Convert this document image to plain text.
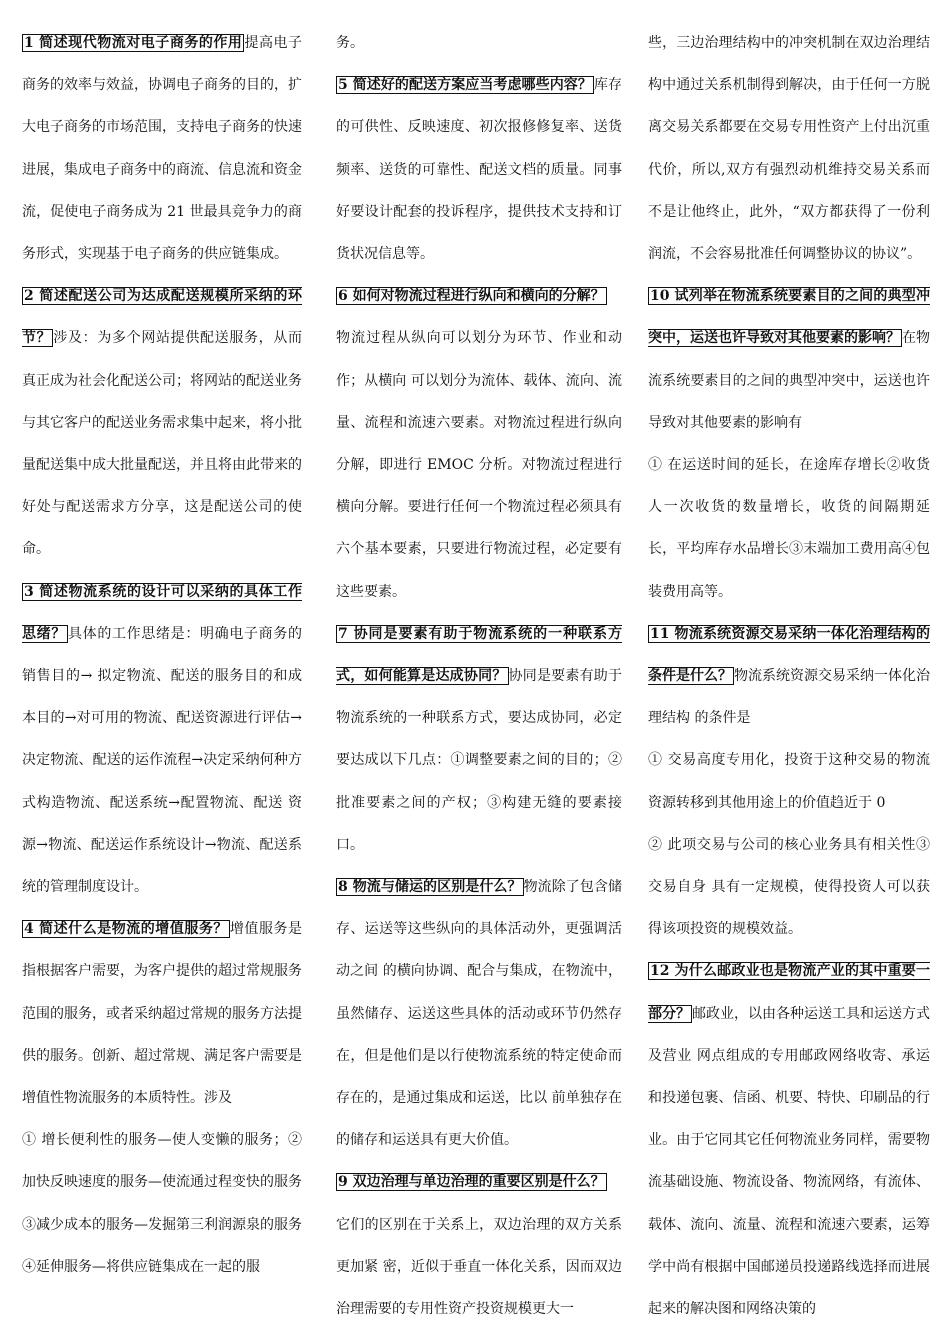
1 简述现代物流对电子商务的作用 提高电子商务的效率与效益，协调电子商务的目的，扩大电子商务的市场范围，支持电子商务的快速进展，集成电子商务中的商流、信息流和资金流，促使电子商务成为 21 世最具竞争力的商务形式，实现基于电子商务的供应链集成。

2 简述配送公司为达成配送规模所采纳的环节？ 涉及：为多个网站提供配送服务，从而真正成为社会化配送公司；将网站的配送业务与其它客户的配送业务需求集中起来，将小批量配送集中成大批量配送，并且将由此带来的好处与配送需求方分享，这是配送公司的使命。

3 简述物流系统的设计可以采纳的具体工作思绪？ 具体的工作思绪是：明确电子商务的销售目的→ 拟定物流、配送的服务目的和成本目的→对可用的物流、配送资源进行评估→决定物流、配送的运作流程→决定采纳何种方式构造物流、配送系统→配置物流、配送 资源→物流、配送运作系统设计→物流、配送系统的管理制度设计。

4 简述什么是物流的增值服务？ 增值服务是指根据客户需要，为客户提供的超过常规服务范围的服务，或者采纳超过常规的服务方法提供的服务。创新、超过常规、满足客户需要是增值性物流服务的本质特性。涉及

① 增长便利性的服务—使人变懒的服务；② 加快反映速度的服务—使流通过程变快的服务③减少成本的服务—发掘第三利润源泉的服务④延伸服务—将供应链集成在一起的服

务。

5 简述好的配送方案应当考虑哪些内容？ 库存的可供性、反映速度、初次报修修复率、送货频率、送货的可靠性、配送文档的质量。同事好要设计配套的投诉程序，提供技术支持和订货状况信息等。

6 如何对物流过程进行纵向和横向的分解？

物流过程从纵向可以划分为环节、作业和动作；从横向 可以划分为流体、载体、流向、流量、流程和流速六要素。对物流过程进行纵向分解，即进行 EMOC 分析。对物流过程进行横向分解。要进行任何一个物流过程必须具有六个基本要素，只要进行物流过程，必定要有这些要素。

7 协同是要素有助于物流系统的一种联系方式，如何能算是达成协同？ 协同是要素有助于物流系统的一种联系方式，要达成协同，必定要达成以下几点：①调整要素之间的目的；②批准要素之间的产权；③构建无缝的要素接口。

8 物流与储运的区别是什么？ 物流除了包含储存、运送等这些纵向的具体活动外，更强调活动之间 的横向协调、配合与集成，在物流中，虽然储存、运送这些具体的活动或环节仍然存在，但是他们是以行使物流系统的特定使命而存在的，是通过集成和运送，比以 前单独存在的储存和运送具有更大价值。

9 双边治理与单边治理的重要区别是什么？

它们的区别在于关系上，双边治理的双方关系更加紧 密，近似于垂直一体化关系，因而双边治理需要的专用性资产投资规模更大一

些，三边治理结构中的冲突机制在双边治理结构中通过关系机制得到解决，由于任何一方脱离交易关系都要在交易专用性资产上付出沉重代价，所以,双方有强烈动机维持交易关系而不是让他终止，此外，“双方都获得了一份利润流，不会容易批准任何调整协议的协议”。

10 试列举在物流系统要素目的之间的典型冲突中，运送也许导致对其他要素的影响？ 在物流系统要素目的之间的典型冲突中，运送也许导致对其他要素的影响有

① 在运送时间的延长，在途库存增长②收货人一次收货的数量增长，收货的间隔期延 长，平均库存水品增长③末端加工费用高④包装费用高等。

11 物流系统资源交易采纳一体化治理结构的条件是什么？ 物流系统资源交易采纳一体化治理结构 的条件是

① 交易高度专用化，投资于这种交易的物流资源转移到其他用途上的价值趋近于 0

② 此项交易与公司的核心业务具有相关性③交易自身 具有一定规模，使得投资人可以获得该项投资的规模效益。

12 为什么邮政业也是物流产业的其中重要一部分？ 邮政业，以由各种运送工具和运送方式及营业 网点组成的专用邮政网络收寄、承运和投递包裹、信函、机要、特快、印刷品的行业。由于它同其它任何物流业务同样，需要物流基础设施、物流设备、物流网络，有流体、载体、流向、流量、流程和流速六要素，运筹学中尚有根据中国邮递员投递路线选择而进展起来的解决图和网络决策的
